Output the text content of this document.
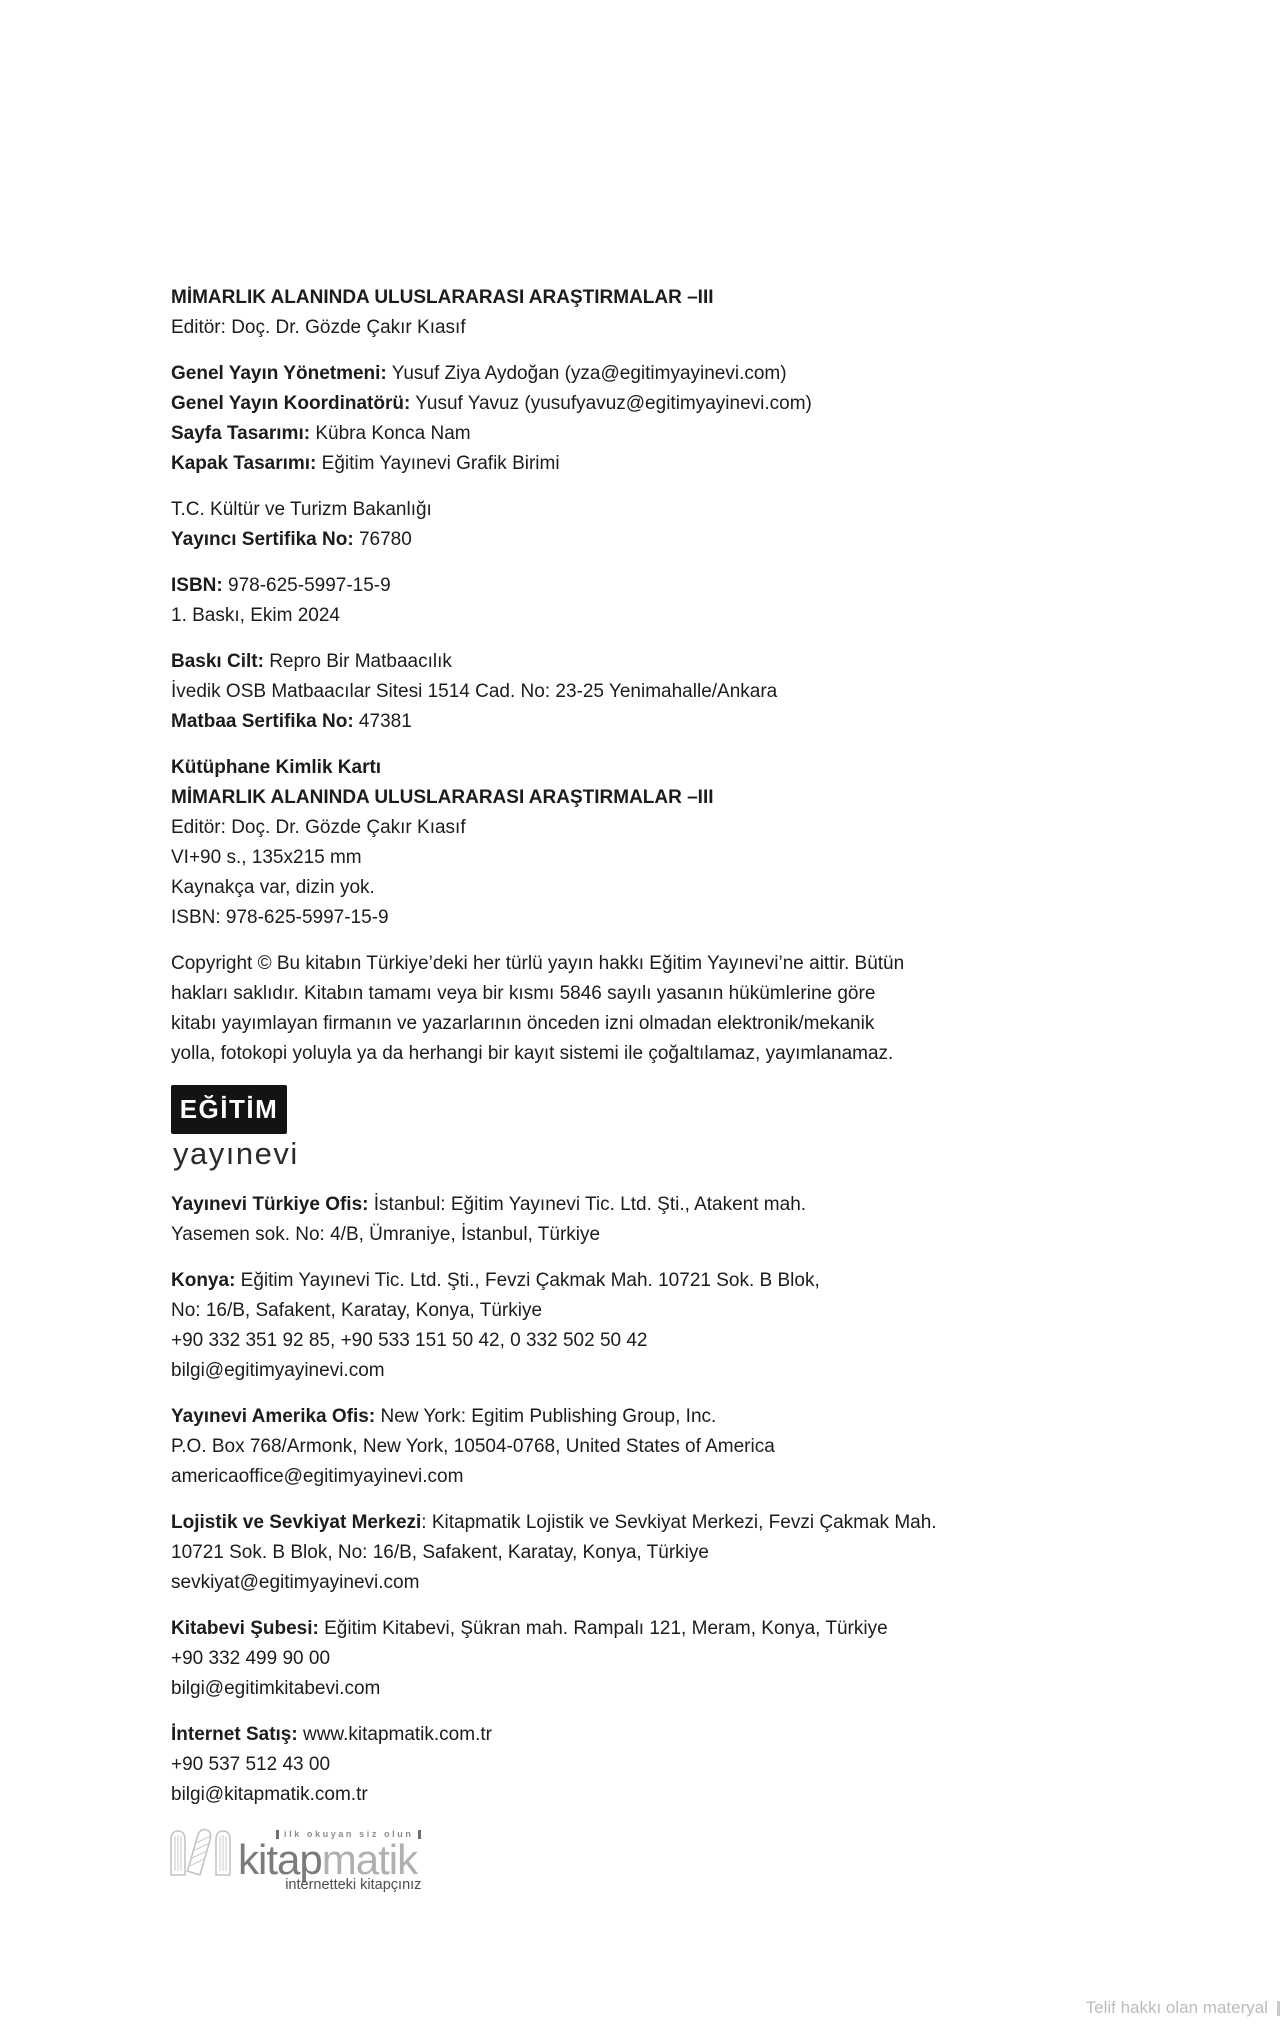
MİMARLIK ALANINDA ULUSLARARASI ARAŞTIRMALAR –III

Editör: Doç. Dr. Gözde Çakır Kıasıf

Genel Yayın Yönetmeni: Yusuf Ziya Aydoğan (yza@egitimyayinevi.com)

Genel Yayın Koordinatörü: Yusuf Yavuz (yusufyavuz@egitimyayinevi.com)

Sayfa Tasarımı: Kübra Konca Nam

Kapak Tasarımı: Eğitim Yayınevi Grafik Birimi

T.C. Kültür ve Turizm Bakanlığı

Yayıncı Sertifika No: 76780

ISBN: 978-625-5997-15-9

1. Baskı, Ekim 2024

Baskı Cilt: Repro Bir Matbaacılık

İvedik OSB Matbaacılar Sitesi 1514 Cad. No: 23-25 Yenimahalle/Ankara

Matbaa Sertifika No: 47381

Kütüphane Kimlik Kartı

MİMARLIK ALANINDA ULUSLARARASI ARAŞTIRMALAR –III

Editör: Doç. Dr. Gözde Çakır Kıasıf

VI+90 s., 135x215 mm

Kaynakça var, dizin yok.

ISBN: 978-625-5997-15-9

Copyright © Bu kitabın Türkiye’deki her türlü yayın hakkı Eğitim Yayınevi’ne aittir. Bütün

hakları saklıdır. Kitabın tamamı veya bir kısmı 5846 sayılı yasanın hükümlerine göre

kitabı yayımlayan firmanın ve yazarlarının önceden izni olmadan elektronik/mekanik

yolla, fotokopi yoluyla ya da herhangi bir kayıt sistemi ile çoğaltılamaz, yayımlanamaz.

EĞİTİM

yayınevi

Yayınevi Türkiye Ofis: İstanbul: Eğitim Yayınevi Tic. Ltd. Şti., Atakent mah.

Yasemen sok. No: 4/B, Ümraniye, İstanbul, Türkiye

Konya: Eğitim Yayınevi Tic. Ltd. Şti., Fevzi Çakmak Mah. 10721 Sok. B Blok,

No: 16/B, Safakent, Karatay, Konya, Türkiye

+90 332 351 92 85, +90 533 151 50 42, 0 332 502 50 42

bilgi@egitimyayinevi.com

Yayınevi Amerika Ofis: New York: Egitim Publishing Group, Inc.

P.O. Box 768/Armonk, New York, 10504-0768, United States of America

americaoffice@egitimyayinevi.com

Lojistik ve Sevkiyat Merkezi: Kitapmatik Lojistik ve Sevkiyat Merkezi, Fevzi Çakmak Mah.

10721 Sok. B Blok, No: 16/B, Safakent, Karatay, Konya, Türkiye

sevkiyat@egitimyayinevi.com

Kitabevi Şubesi: Eğitim Kitabevi, Şükran mah. Rampalı 121, Meram, Konya, Türkiye

+90 332 499 90 00

bilgi@egitimkitabevi.com

İnternet Satış: www.kitapmatik.com.tr

+90 537 512 43 00

bilgi@kitapmatik.com.tr

ilk okuyan siz olun
kitapmatik
internetteki kitapçınız
Telif hakkı olan materyal
